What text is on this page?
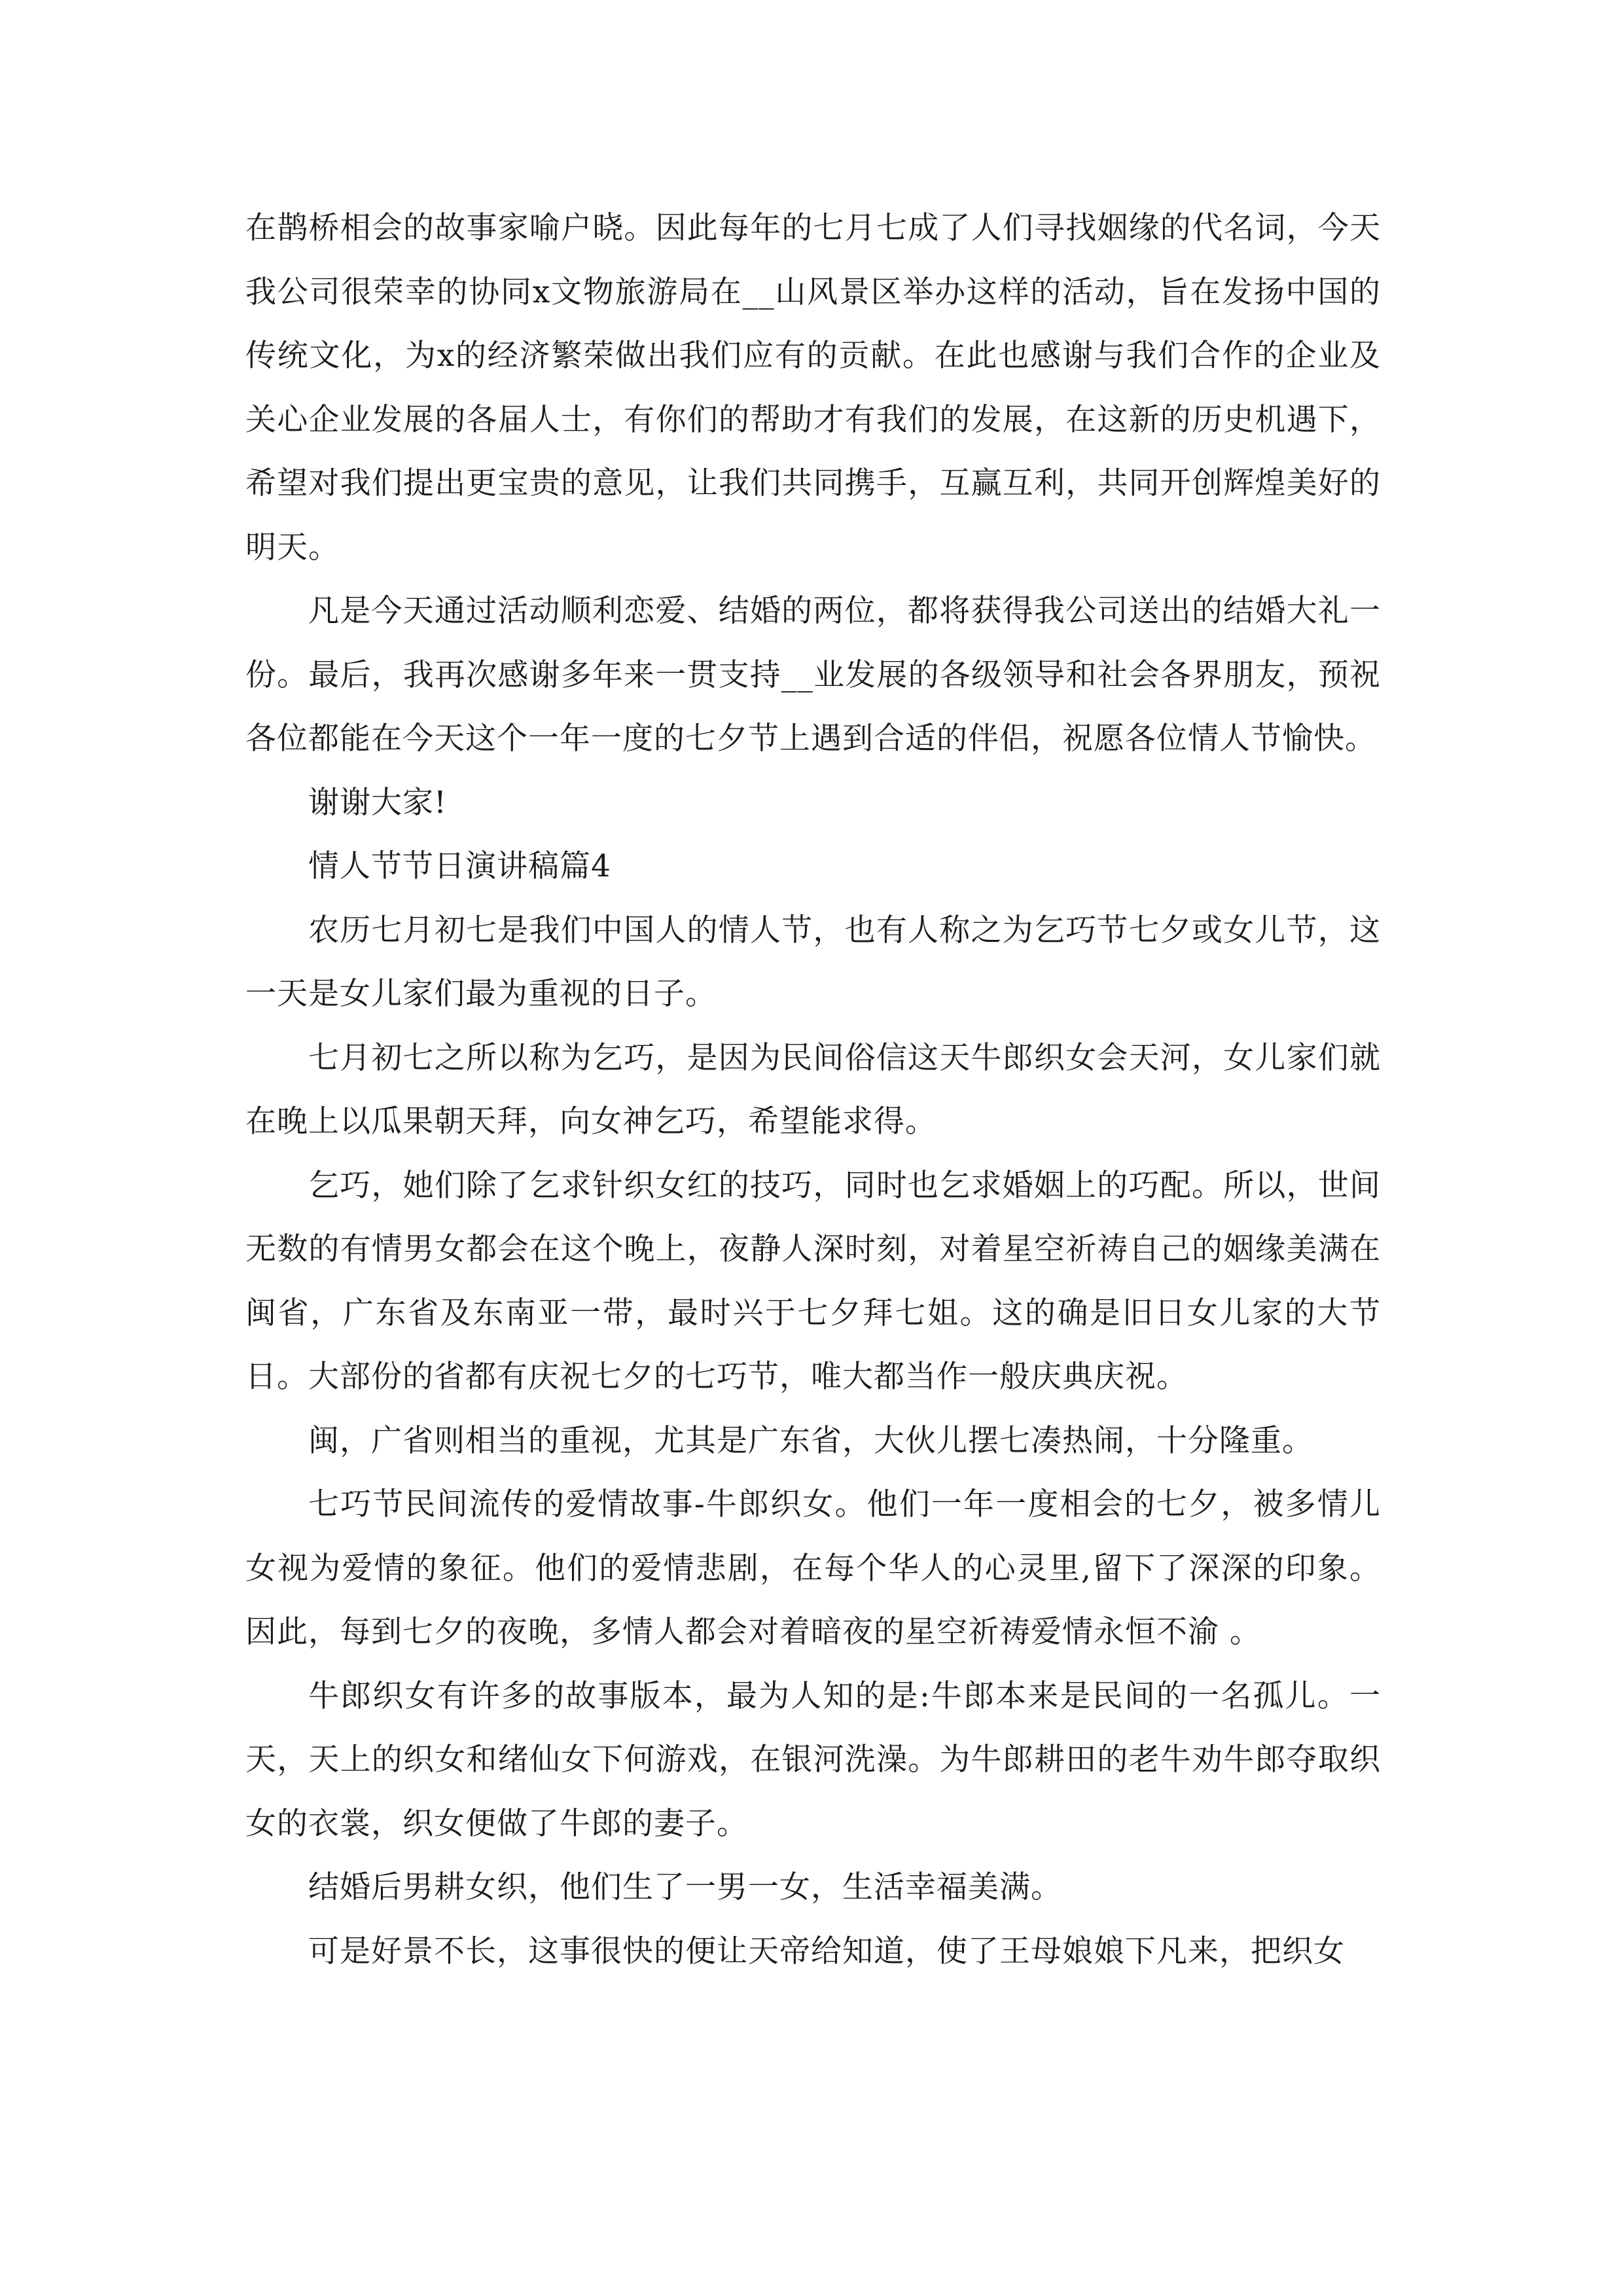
在鹊桥相会的故事家喻户晓。因此每年的七月七成了人们寻找姻缘的代名词，今天我公司很荣幸的协同x文物旅游局在__山风景区举办这样的活动，旨在发扬中国的传统文化，为x的经济繁荣做出我们应有的贡献。在此也感谢与我们合作的企业及关心企业发展的各届人士，有你们的帮助才有我们的发展，在这新的历史机遇下，希望对我们提出更宝贵的意见，让我们共同携手，互赢互利，共同开创辉煌美好的明天。

凡是今天通过活动顺利恋爱、结婚的两位，都将获得我公司送出的结婚大礼一份。最后，我再次感谢多年来一贯支持__业发展的各级领导和社会各界朋友，预祝各位都能在今天这个一年一度的七夕节上遇到合适的伴侣，祝愿各位情人节愉快。

谢谢大家!

情人节节日演讲稿篇4

农历七月初七是我们中国人的情人节，也有人称之为乞巧节七夕或女儿节，这一天是女儿家们最为重视的日子。

七月初七之所以称为乞巧，是因为民间俗信这天牛郎织女会天河，女儿家们就在晚上以瓜果朝天拜，向女神乞巧，希望能求得。

乞巧，她们除了乞求针织女红的技巧，同时也乞求婚姻上的巧配。所以，世间无数的有情男女都会在这个晚上，夜静人深时刻，对着星空祈祷自己的姻缘美满在闽省，广东省及东南亚一带，最时兴于七夕拜七姐。这的确是旧日女儿家的大节日。大部份的省都有庆祝七夕的七巧节，唯大都当作一般庆典庆祝。

闽，广省则相当的重视，尤其是广东省，大伙儿摆七凑热闹，十分隆重。

七巧节民间流传的爱情故事-牛郎织女。他们一年一度相会的七夕，被多情儿女视为爱情的象征。他们的爱情悲剧，在每个华人的心灵里,留下了深深的印象。因此，每到七夕的夜晚，多情人都会对着暗夜的星空祈祷爱情永恒不渝 。

牛郎织女有许多的故事版本，最为人知的是:牛郎本来是民间的一名孤儿。一天，天上的织女和绪仙女下何游戏，在银河洗澡。为牛郎耕田的老牛劝牛郎夺取织女的衣裳，织女便做了牛郎的妻子。

结婚后男耕女织，他们生了一男一女，生活幸福美满。

可是好景不长，这事很快的便让天帝给知道，使了王母娘娘下凡来，把织女
